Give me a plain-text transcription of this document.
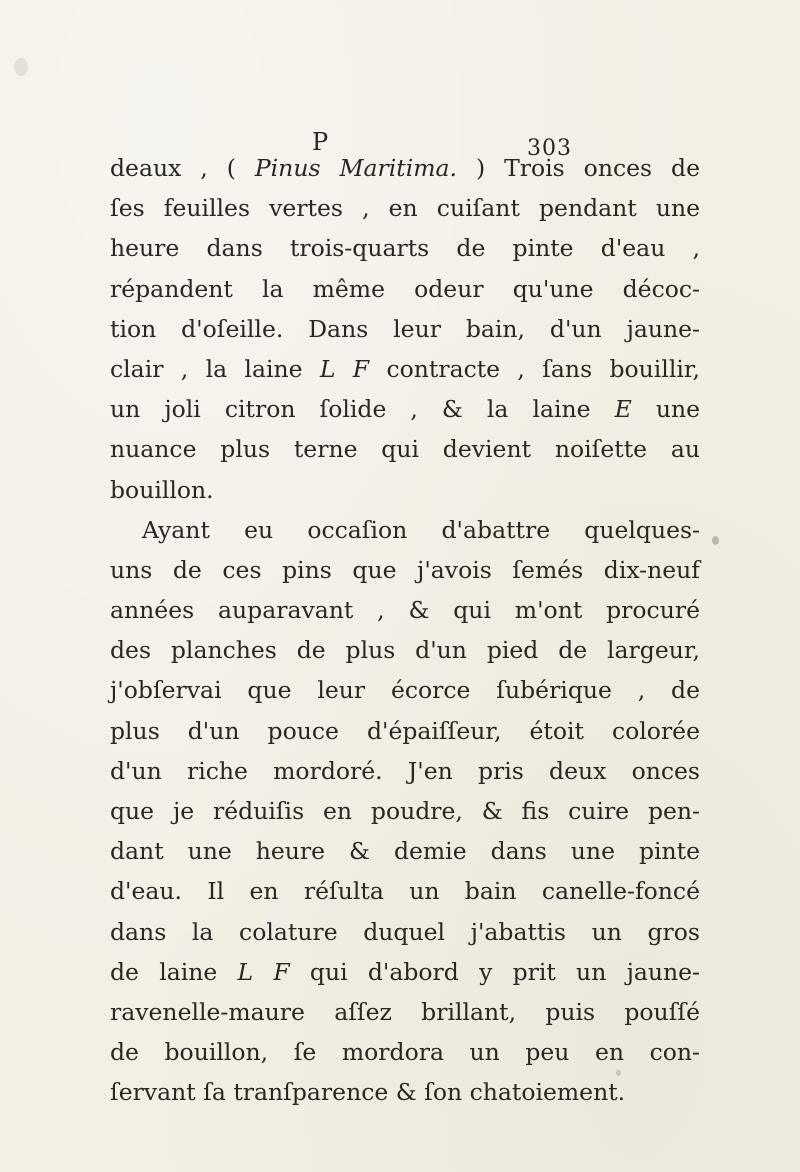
P	303
deaux , ( Pinus Maritima. ) Trois onces de
ſes feuilles vertes , en cuiſant pendant une
heure dans trois-quarts de pinte d'eau ,
répandent la même odeur qu'une décoc-
tion d'oſeille. Dans leur bain, d'un jaune-
clair , la laine L F contracte , ſans bouillir,
un joli citron ſolide , & la laine E une
nuance plus terne qui devient noiſette au
bouillon.
Ayant eu occaſion d'abattre quelques-
uns de ces pins que j'avois ſemés dix-neuf
années auparavant , & qui m'ont procuré
des planches de plus d'un pied de largeur,
j'obſervai que leur écorce ſubérique , de
plus d'un pouce d'épaiſſeur, étoit colorée
d'un riche mordoré. J'en pris deux onces
que je réduiſis en poudre, & fis cuire pen-
dant une heure & demie dans une pinte
d'eau. Il en réſulta un bain canelle-foncé
dans la colature duquel j'abattis un gros
de laine L F qui d'abord y prit un jaune-
ravenelle-maure aſſez brillant, puis pouſſé
de bouillon, ſe mordora un peu en con-
ſervant ſa tranſparence & ſon chatoiement.
